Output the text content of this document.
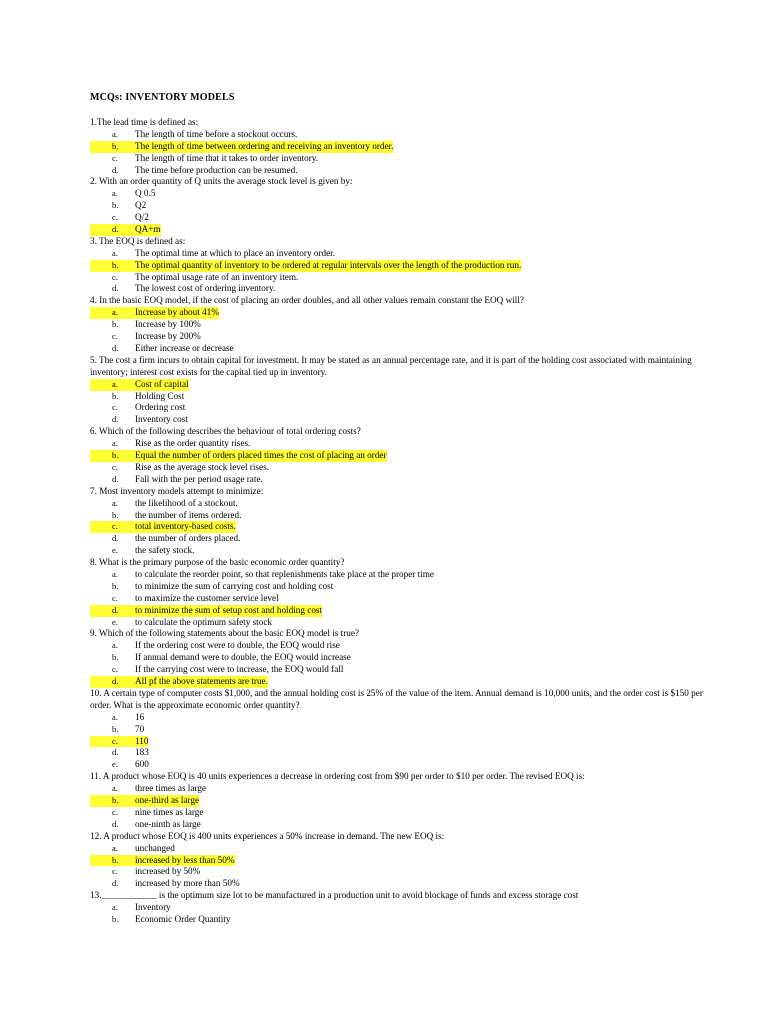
MCQs: INVENTORY MODELS
1.The lead time is defined as:
a. The length of time before a stockout occurs.
b. The length of time between ordering and receiving an inventory order.
c. The length of time that it takes to order inventory.
d. The time before production can be resumed.
2. With an order quantity of Q units the average stock level is given by:
a. Q 0.5
b. Q2
c. Q/2
d. QA+m
3. The EOQ is defined as:
a. The optimal time at which to place an inventory order.
b. The optimal quantity of inventory to be ordered at regular intervals over the length of the production run.
c. The optimal usage rate of an inventory item.
d. The lowest cost of ordering inventory.
4. In the basic EOQ model, if the cost of placing an order doubles, and all other values remain constant the EOQ will?
a. Increase by about 41%
b. Increase by 100%
c. Increase by 200%
d. Either increase or decrease
5. The cost a firm incurs to obtain capital for investment. It may be stated as an annual percentage rate, and it is part of the holding cost associated with maintaining inventory; interest cost exists for the capital tied up in inventory.
a. Cost of capital
b. Holding Cost
c. Ordering cost
d. Inventory cost
6. Which of the following describes the behaviour of total ordering costs?
a. Rise as the order quantity rises.
b. Equal the number of orders placed times the cost of placing an order
c. Rise as the average stock level rises.
d. Fall with the per period usage rate.
7. Most inventory models attempt to minimize:
a. the likelihood of a stockout.
b. the number of items ordered.
c. total inventory-based costs.
d. the number of orders placed.
e. the safety stock.
8. What is the primary purpose of the basic economic order quantity?
a. to calculate the reorder point, so that replenishments take place at the proper time
b. to minimize the sum of carrying cost and holding cost
c. to maximize the customer service level
d. to minimize the sum of setup cost and holding cost
e. to calculate the optimum safety stock
9. Which of the following statements about the basic EOQ model is true?
a. If the ordering cost were to double, the EOQ would rise
b. If annual demand were to double, the EOQ would increase
c. If the carrying cost were to increase, the EOQ would fall
d. All pf the above statements are true.
10. A certain type of computer costs $1,000, and the annual holding cost is 25% of the value of the item. Annual demand is 10,000 units, and the order cost is $150 per order. What is the approximate economic order quantity?
a. 16
b. 70
c. 110
d. 183
e. 600
11. A product whose EOQ is 40 units experiences a decrease in ordering cost from $90 per order to $10 per order. The revised EOQ is:
a. three times as large
b. one-third as large
c. nine times as large
d. one-ninth as large
12. A product whose EOQ is 400 units experiences a 50% increase in demand. The new EOQ is:
a. unchanged
b. increased by less than 50%
c. increased by 50%
d. increased by more than 50%
13.____________ is the optimum size lot to be manufactured in a production unit to avoid blockage of funds and excess storage cost
a. Inventory
b. Economic Order Quantity
